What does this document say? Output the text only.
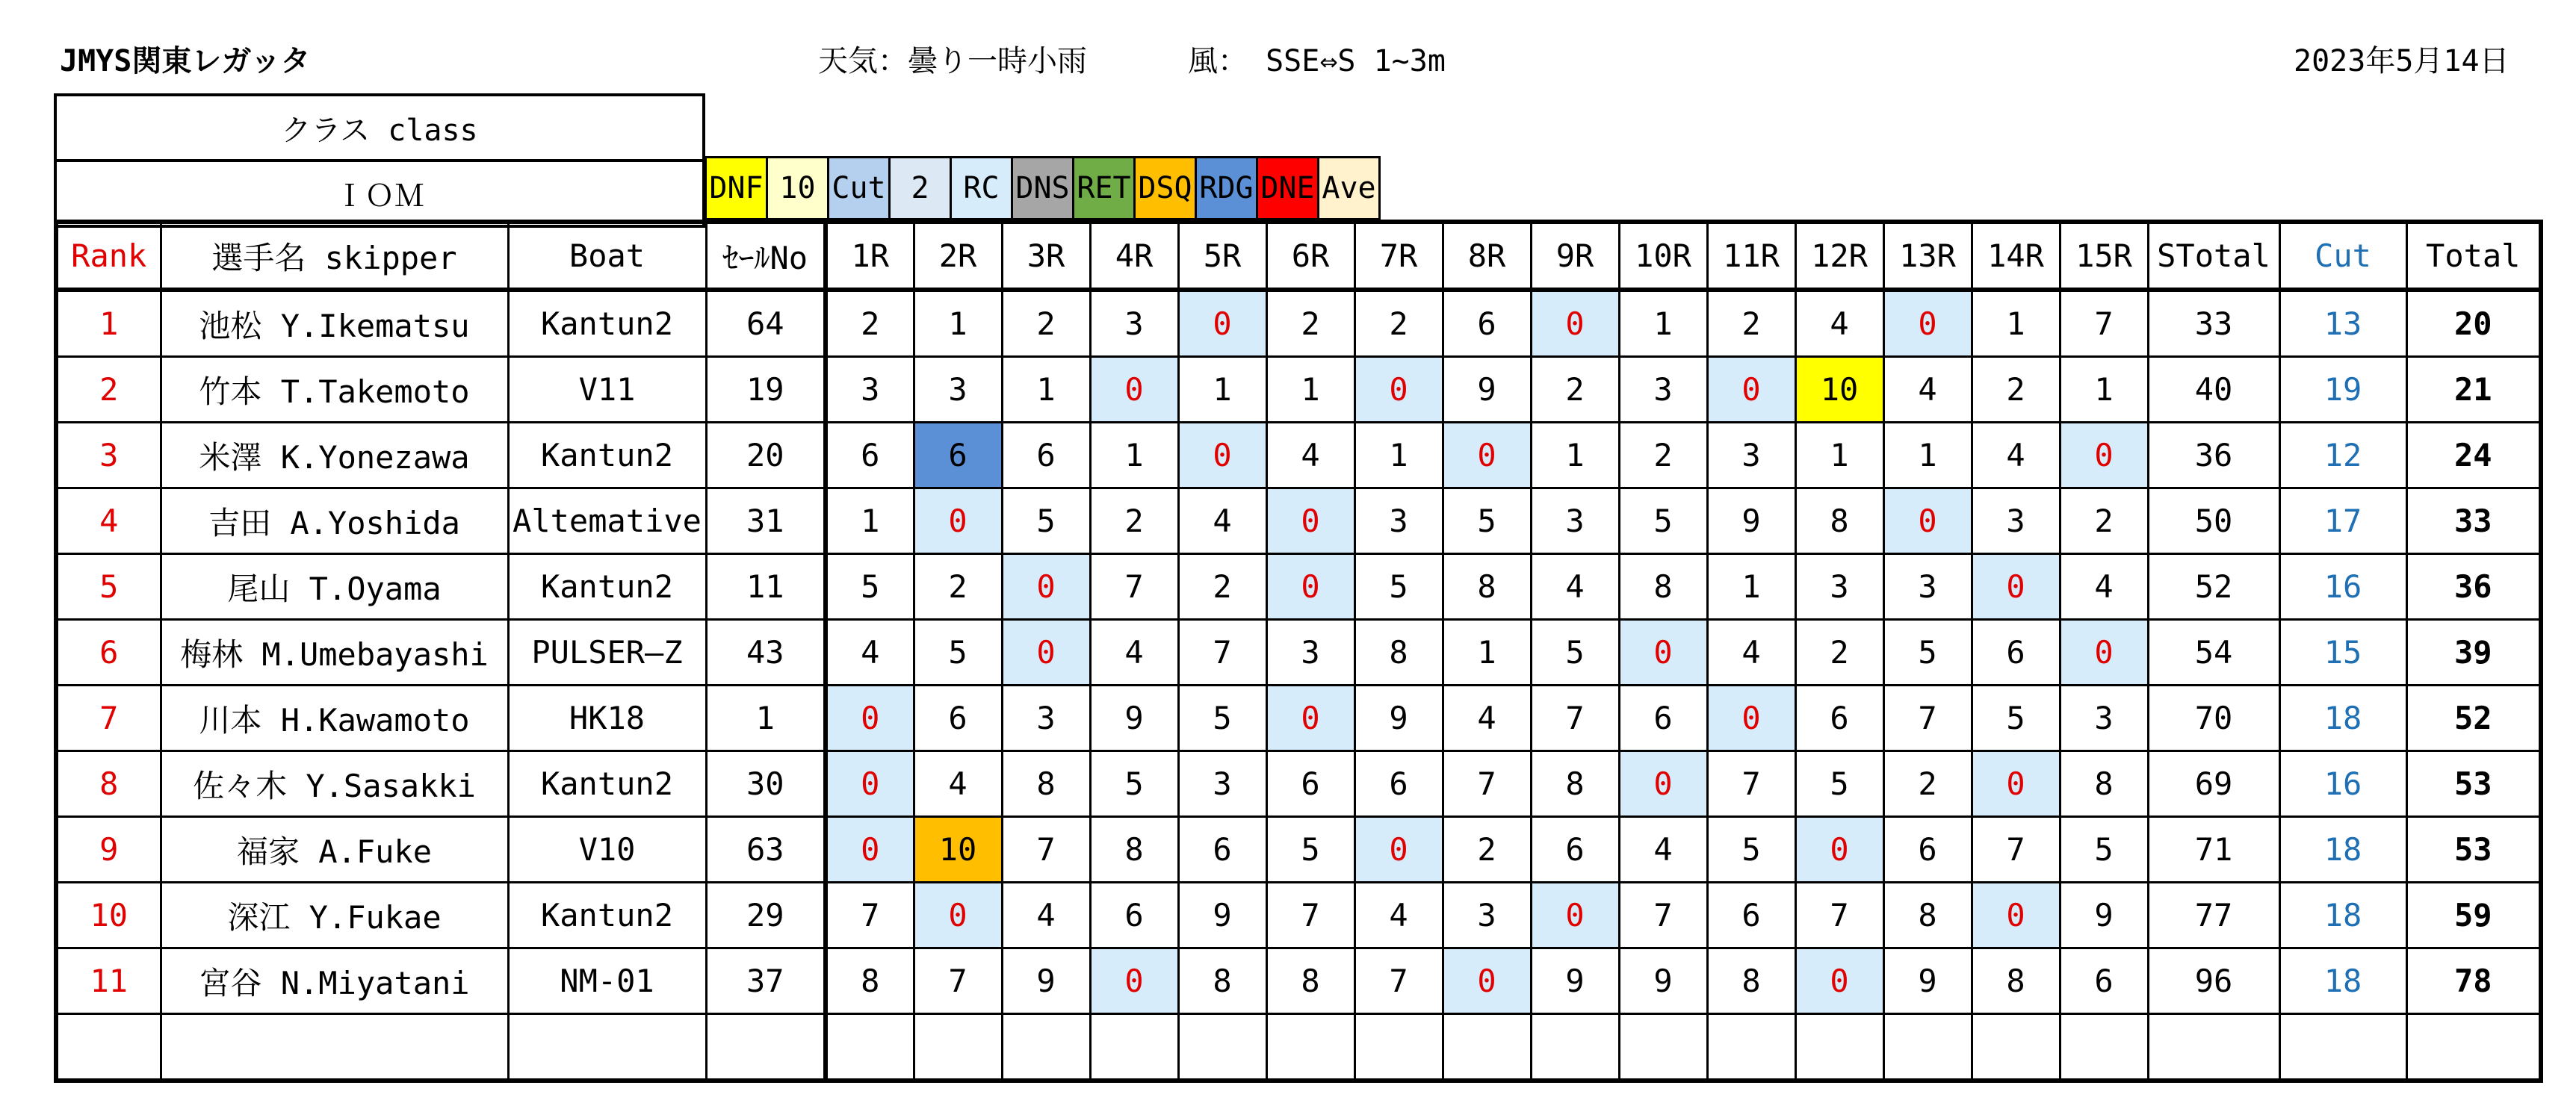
JMYS関東レガッタ	天気：曇り一時小雨	風： SSE⇔S 1~3m	2023年5月14日
クラス class
ＩＯＭ	DNF	10	Cut	2	RC	DNS	RET	DSQ	RDG	DNE	Ave
Rank	選手名 skipper	Boat	ｾｰﾙNo	1R	2R	3R	4R	5R	6R	7R	8R	9R	10R	11R	12R	13R	14R	15R	STotal	Cut	Total
1	池松 Y.Ikematsu	Kantun2	64	2	1	2	3	0	2	2	6	0	1	2	4	0	1	7	33	13	20
2	竹本 T.Takemoto	V11	19	3	3	1	0	1	1	0	9	2	3	0	10	4	2	1	40	19	21
3	米澤 K.Yonezawa	Kantun2	20	6	6	6	1	0	4	1	0	1	2	3	1	1	4	0	36	12	24
4	吉田 A.Yoshida	Altemative	31	1	0	5	2	4	0	3	5	3	5	9	8	0	3	2	50	17	33
5	尾山 T.Oyama	Kantun2	11	5	2	0	7	2	0	5	8	4	8	1	3	3	0	4	52	16	36
6	梅林 M.Umebayashi	PULSER―Z	43	4	5	0	4	7	3	8	1	5	0	4	2	5	6	0	54	15	39
7	川本 H.Kawamoto	HK18	1	0	6	3	9	5	0	9	4	7	6	0	6	7	5	3	70	18	52
8	佐々木 Y.Sasakki	Kantun2	30	0	4	8	5	3	6	6	7	8	0	7	5	2	0	8	69	16	53
9	福家 A.Fuke	V10	63	0	10	7	8	6	5	0	2	6	4	5	0	6	7	5	71	18	53
10	深江 Y.Fukae	Kantun2	29	7	0	4	6	9	7	4	3	0	7	6	7	8	0	9	77	18	59
11	宮谷 N.Miyatani	NM-01	37	8	7	9	0	8	8	7	0	9	9	8	0	9	8	6	96	18	78
